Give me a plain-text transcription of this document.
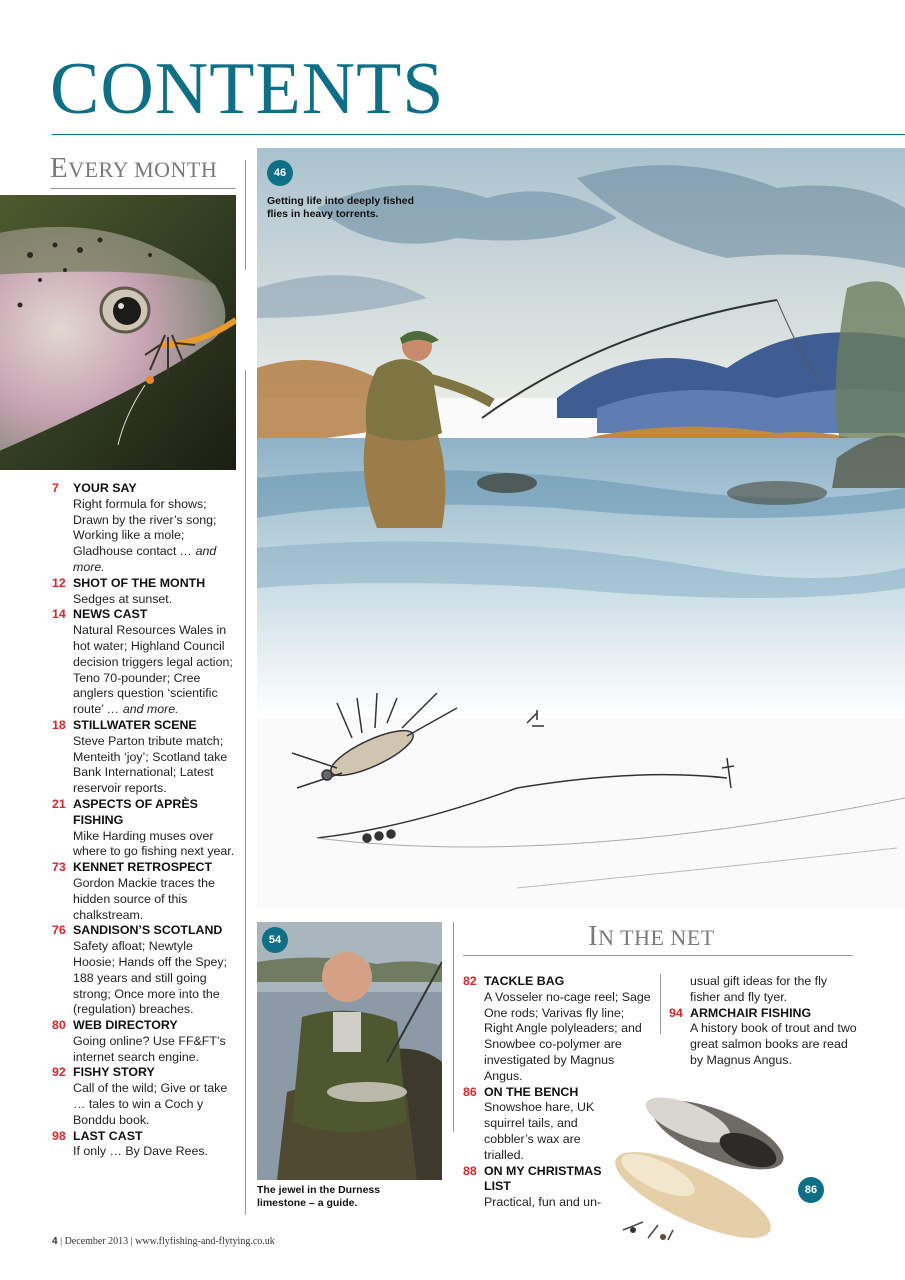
CONTENTS
EVERY MONTH
7	YOUR SAY
Right formula for shows; Drawn by the river’s song; Working like a mole; Gladhouse contact … and more.
12 SHOT OF THE MONTH
Sedges at sunset.
14 NEWS CAST
Natural Resources Wales in hot water; Highland Council decision triggers legal action; Teno 70-pounder; Cree anglers question ‘scientific route’ … and more.
18 STILLWATER SCENE
Steve Parton tribute match; Menteith ‘joy’; Scotland take Bank International; Latest reservoir reports.
21 ASPECTS OF APRÈS FISHING
Mike Harding muses over where to go fishing next year.
73 KENNET RETROSPECT
Gordon Mackie traces the hidden source of this chalkstream.
76 SANDISON’S SCOTLAND
Safety afloat; Newtyle Hoosie; Hands off the Spey; 188 years and still going strong; Once more into the (regulation) breaches.
80 WEB DIRECTORY
Going online? Use FF&FT’s internet search engine.
92 FISHY STORY
Call of the wild; Give or take … tales to win a Coch y Bonddu book.
98 LAST CAST
If only … By Dave Rees.
46
Getting life into deeply fished flies in heavy torrents.
54
The jewel in the Durness limestone – a guide.
IN THE NET
82 TACKLE BAG
A Vosseler no-cage reel; Sage One rods; Varivas fly line; Right Angle polyleaders; and Snowbee co-polymer are investigated by Magnus Angus.
86 ON THE BENCH
Snowshoe hare, UK squirrel tails, and cobbler’s wax are trialled.
88 ON MY CHRISTMAS LIST
Practical, fun and un-
usual gift ideas for the fly fisher and fly tyer.
94 ARMCHAIR FISHING
A history book of trout and two great salmon books are read by Magnus Angus.
86
4 | December 2013 | www.flyfishing-and-flytying.co.uk
